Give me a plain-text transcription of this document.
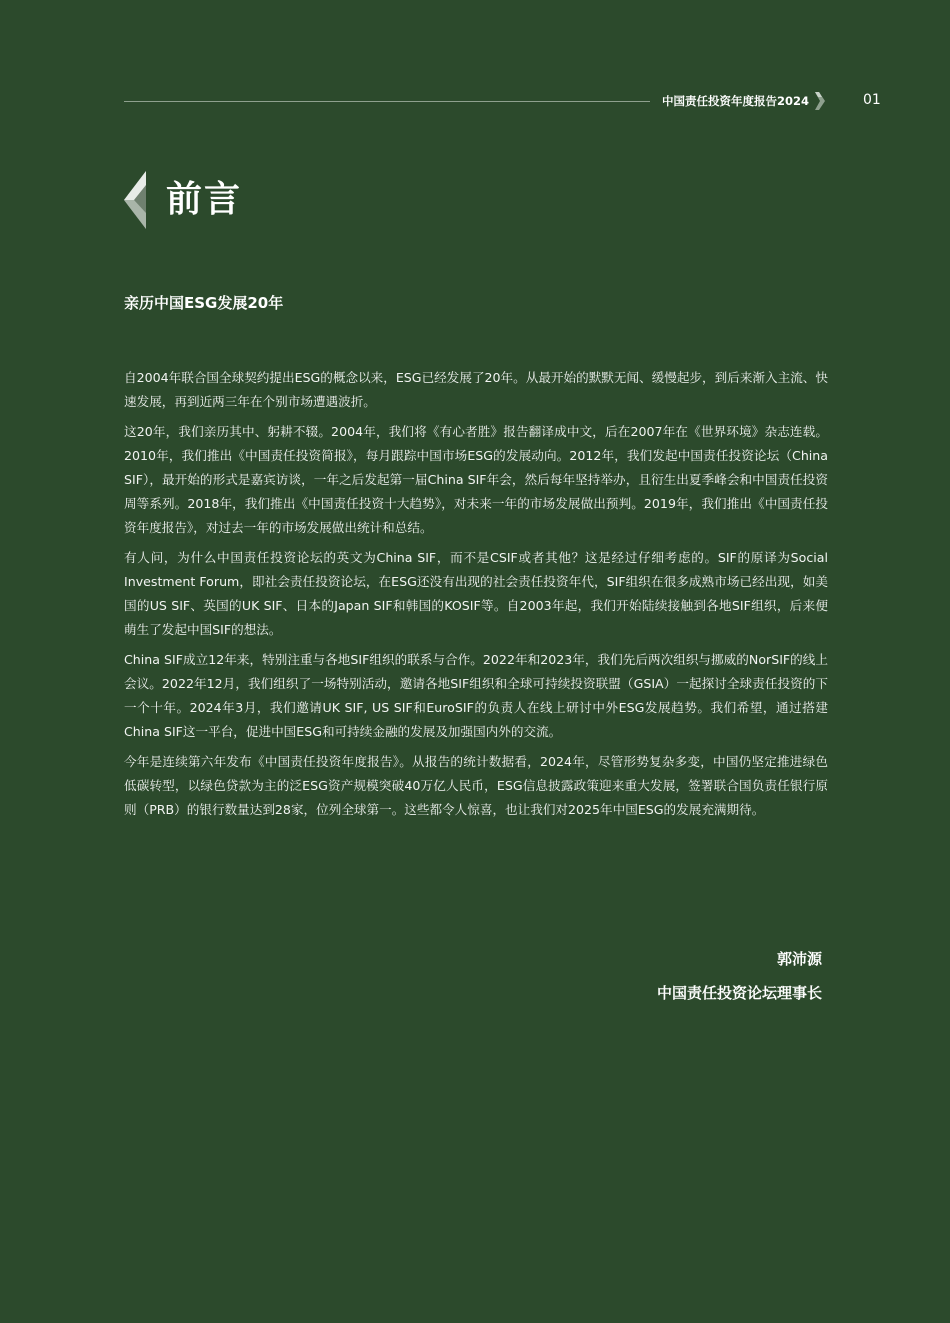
中国责任投资年度报告2024	01
前言
亲历中国ESG发展20年

自2004年联合国全球契约提出ESG的概念以来，ESG已经发展了20年。从最开始的默默无闻、缓慢起步，到后来渐入主流、快速发展，再到近两三年在个别市场遭遇波折。

这20年，我们亲历其中、躬耕不辍。2004年，我们将《有心者胜》报告翻译成中文，后在2007年在《世界环境》杂志连载。2010年，我们推出《中国责任投资简报》，每月跟踪中国市场ESG的发展动向。2012年，我们发起中国责任投资论坛（China SIF），最开始的形式是嘉宾访谈，一年之后发起第一届China SIF年会，然后每年坚持举办，且衍生出夏季峰会和中国责任投资周等系列。2018年，我们推出《中国责任投资十大趋势》，对未来一年的市场发展做出预判。2019年，我们推出《中国责任投资年度报告》，对过去一年的市场发展做出统计和总结。

有人问，为什么中国责任投资论坛的英文为China SIF，而不是CSIF或者其他？这是经过仔细考虑的。SIF的原译为Social Investment Forum，即社会责任投资论坛，在ESG还没有出现的社会责任投资年代，SIF组织在很多成熟市场已经出现，如美国的US SIF、英国的UK SIF、日本的Japan SIF和韩国的KOSIF等。自2003年起，我们开始陆续接触到各地SIF组织，后来便萌生了发起中国SIF的想法。

China SIF成立12年来，特别注重与各地SIF组织的联系与合作。2022年和2023年，我们先后两次组织与挪威的NorSIF的线上会议。2022年12月，我们组织了一场特别活动，邀请各地SIF组织和全球可持续投资联盟（GSIA）一起探讨全球责任投资的下一个十年。2024年3月，我们邀请UK SIF, US SIF和EuroSIF的负责人在线上研讨中外ESG发展趋势。我们希望，通过搭建China SIF这一平台，促进中国ESG和可持续金融的发展及加强国内外的交流。

今年是连续第六年发布《中国责任投资年度报告》。从报告的统计数据看，2024年，尽管形势复杂多变，中国仍坚定推进绿色低碳转型，以绿色贷款为主的泛ESG资产规模突破40万亿人民币，ESG信息披露政策迎来重大发展，签署联合国负责任银行原则（PRB）的银行数量达到28家，位列全球第一。这些都令人惊喜，也让我们对2025年中国ESG的发展充满期待。

郭沛源
中国责任投资论坛理事长
